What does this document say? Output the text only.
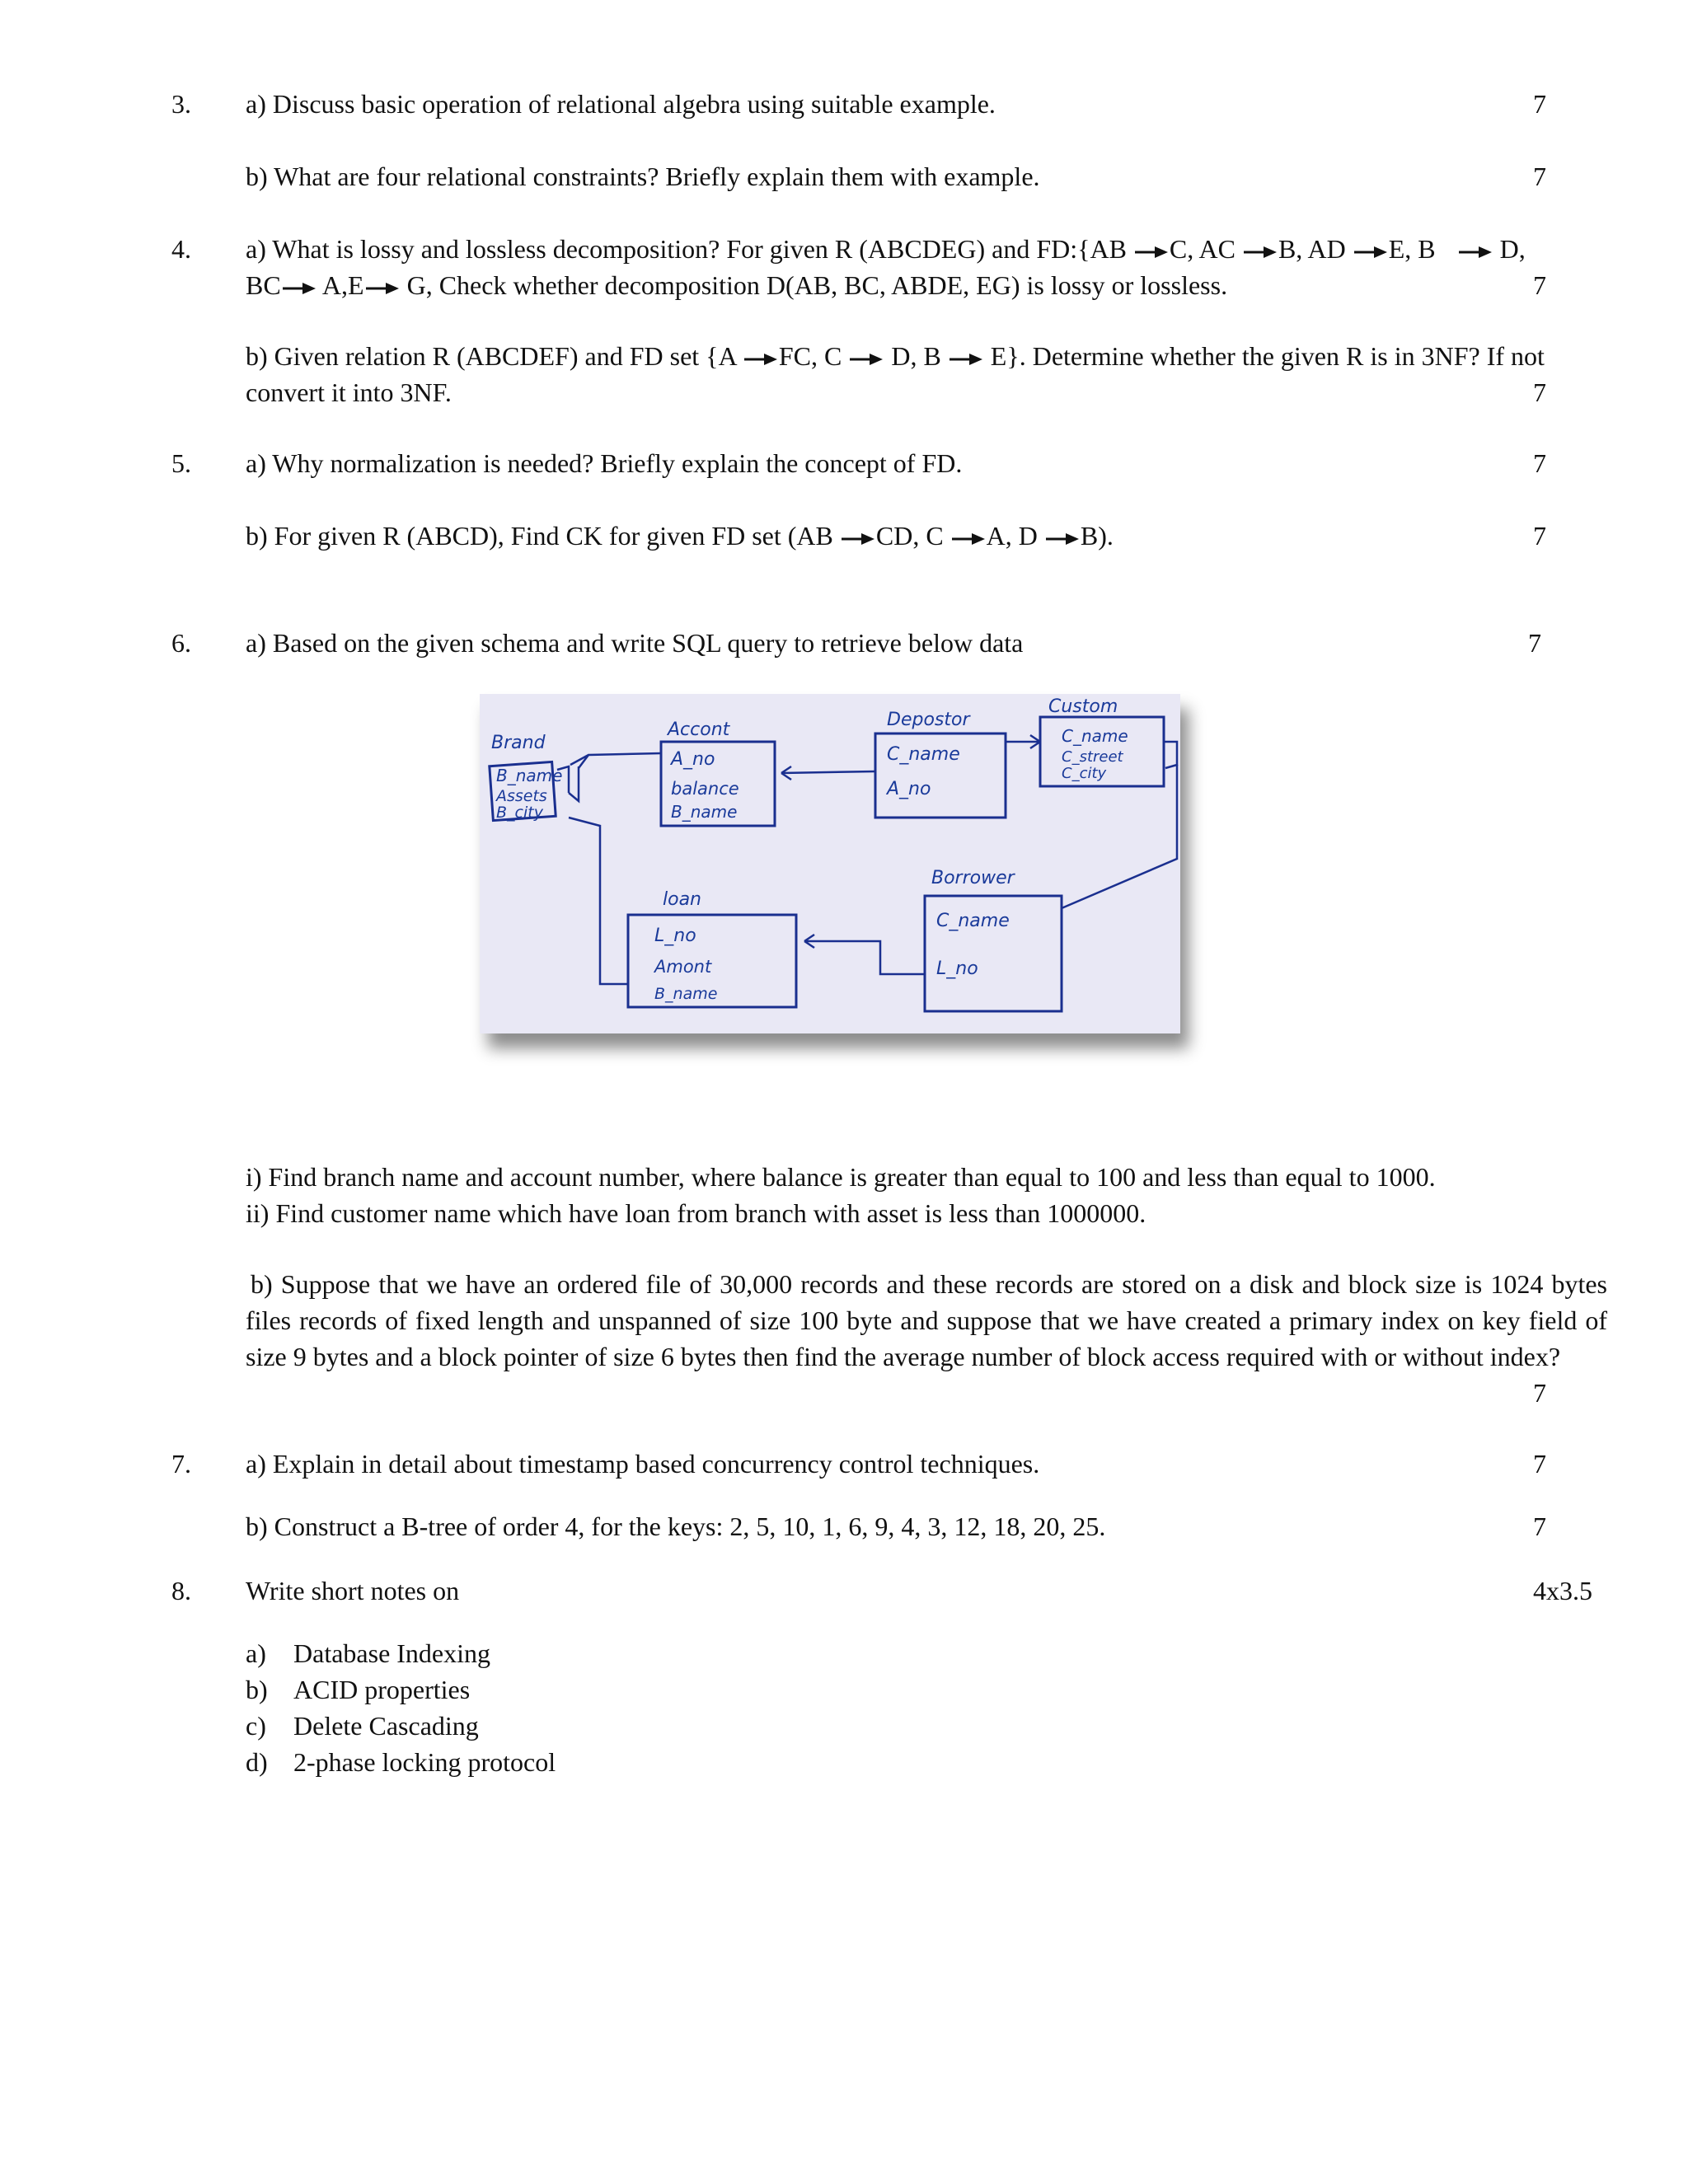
3. a) Discuss basic operation of relational algebra using suitable example.	7
b) What are four relational constraints? Briefly explain them with example.	7
4. a) What is lossy and lossless decomposition? For given R (ABCDEG) and FD:{AB C, AC B, AD E, B  D,
BC A,E G, Check whether decomposition D(AB, BC, ABDE, EG) is lossy or lossless.	7
b) Given relation R (ABCDEF) and FD set {A FC, C  D, B  E}. Determine whether the given R is in 3NF? If not
convert it into 3NF.	7
5. a) Why normalization is needed? Briefly explain the concept of FD.	7
b) For given R (ABCD), Find CK for given FD set (AB CD, C A, D B).	7
6. a) Based on the given schema and write SQL query to retrieve below data	7
Brand
B_name
Assets
B_city
Accont
A_no
balance
B_name
Depostor
C_name
A_no
Custom
C_name
C_street
C_city
loan
L_no
Amont
B_name
Borrower
C_name
L_no
i) Find branch name and account number, where balance is greater than equal to 100 and less than equal to 1000.
ii) Find customer name which have loan from branch with asset is less than 1000000.
b) Suppose that we have an ordered file of 30,000 records and these records are stored on a disk and block size is 1024 bytes files records of fixed length and unspanned of size 100 byte and suppose that we have created a primary index on key field of size 9 bytes and a block pointer of size 6 bytes then find the average number of block access required with or without index?
7
7. a) Explain in detail about timestamp based concurrency control techniques.	7
b) Construct a B-tree of order 4, for the keys: 2, 5, 10, 1, 6, 9, 4, 3, 12, 18, 20, 25.	7
8. Write short notes on	4x3.5
a)	Database Indexing
b) ACID properties
c)	Delete Cascading
d) 2-phase locking protocol
